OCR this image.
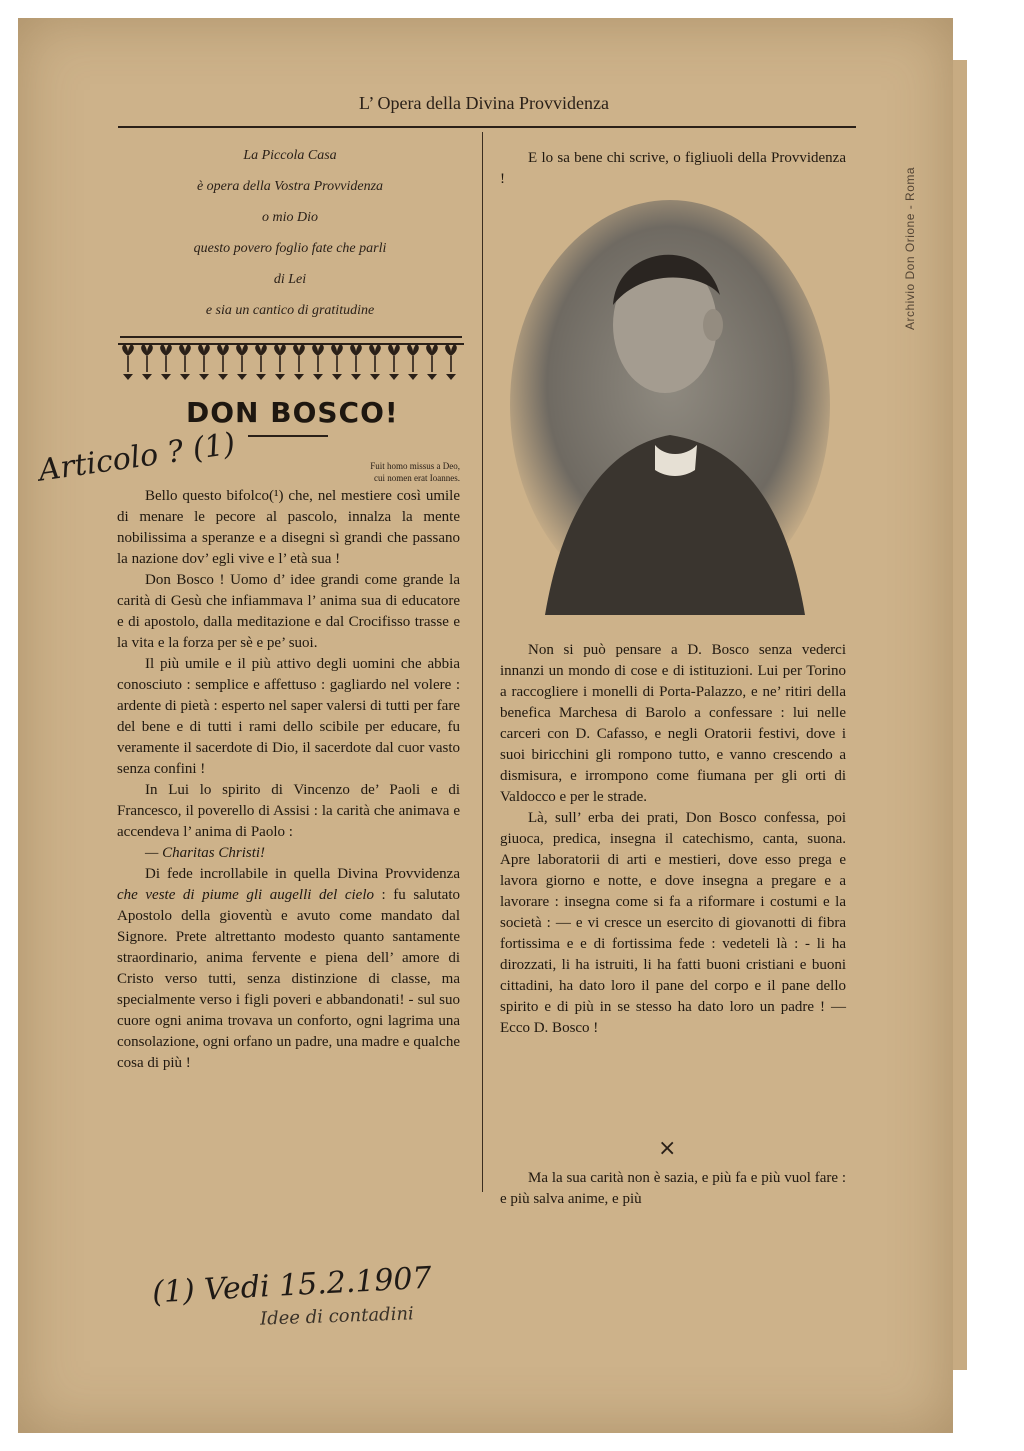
L’ Opera della Divina Provvidenza
Archivio Don Orione - Roma
La Piccola Casa
è opera della Vostra Provvidenza
o mio Dio
questo povero foglio fate che parli
di Lei
e sia un cantico di gratitudine
DON BOSCO!
Fuit homo missus a Deo,
cui nomen erat Ioannes.
Articolo ? (1)

Bello questo bifolco(¹) che, nel mestiere così umile di menare le pecore al pascolo, innalza la mente nobilissima a speranze e a disegni sì grandi che passano la nazione dov’ egli vive e l’ età sua !

Don Bosco ! Uomo d’ idee grandi come grande la carità di Gesù che infiammava l’ anima sua di educatore e di apostolo, dalla meditazione e dal Crocifisso trasse e la vita e la forza per sè e pe’ suoi.

Il più umile e il più attivo degli uomini che abbia conosciuto : semplice e affettuso : gagliardo nel volere : ardente di pietà : esperto nel saper valersi di tutti per fare del bene e di tutti i rami dello scibile per educare, fu veramente il sacerdote di Dio, il sacerdote dal cuor vasto senza confini !

In Lui lo spirito di Vincenzo de’ Paoli e di Francesco, il poverello di Assisi : la carità che animava e accendeva l’ anima di Paolo :

— Charitas Christi!

Di fede incrollabile in quella Divina Provvidenza che veste di piume gli augelli del cielo : fu salutato Apostolo della gioventù e avuto come mandato dal Signore. Prete altrettanto modesto quanto santamente straordinario, anima fervente e piena dell’ amore di Cristo verso tutti, senza distinzione di classe, ma specialmente verso i figli poveri e abbandonati! - sul suo cuore ogni anima trovava un conforto, ogni lagrima una consolazione, ogni orfano un padre, una madre e qualche cosa di più !

E lo sa bene chi scrive, o figliuoli della Provvidenza !

Non si può pensare a D. Bosco senza vederci innanzi un mondo di cose e di istituzioni. Lui per Torino a raccogliere i monelli di Porta-Palazzo, e ne’ ritiri della benefica Marchesa di Barolo a confessare : lui nelle carceri con D. Cafasso, e negli Oratorii festivi, dove i suoi biricchini gli rompono tutto, e vanno crescendo a dismisura, e irrompono come fiumana per gli orti di Valdocco e per le strade.

Là, sull’ erba dei prati, Don Bosco confessa, poi giuoca, predica, insegna il catechismo, canta, suona. Apre laboratorii di arti e mestieri, dove esso prega e lavora giorno e notte, e dove insegna a pregare e a lavorare : insegna come si fa a riformare i costumi e la società : — e vi cresce un esercito di giovanotti di fibra fortissima e e di fortissima fede : vedeteli là : - li ha dirozzati, li ha istruiti, li ha fatti buoni cristiani e buoni cittadini, ha dato loro il pane del corpo e il pane dello spirito e di più in se stesso ha dato loro un padre ! — Ecco D. Bosco !

×

Ma la sua carità non è sazia, e più fa e più vuol fare : e più salva anime, e più

(1) Vedi 15.2.1907
Idee di contadini
